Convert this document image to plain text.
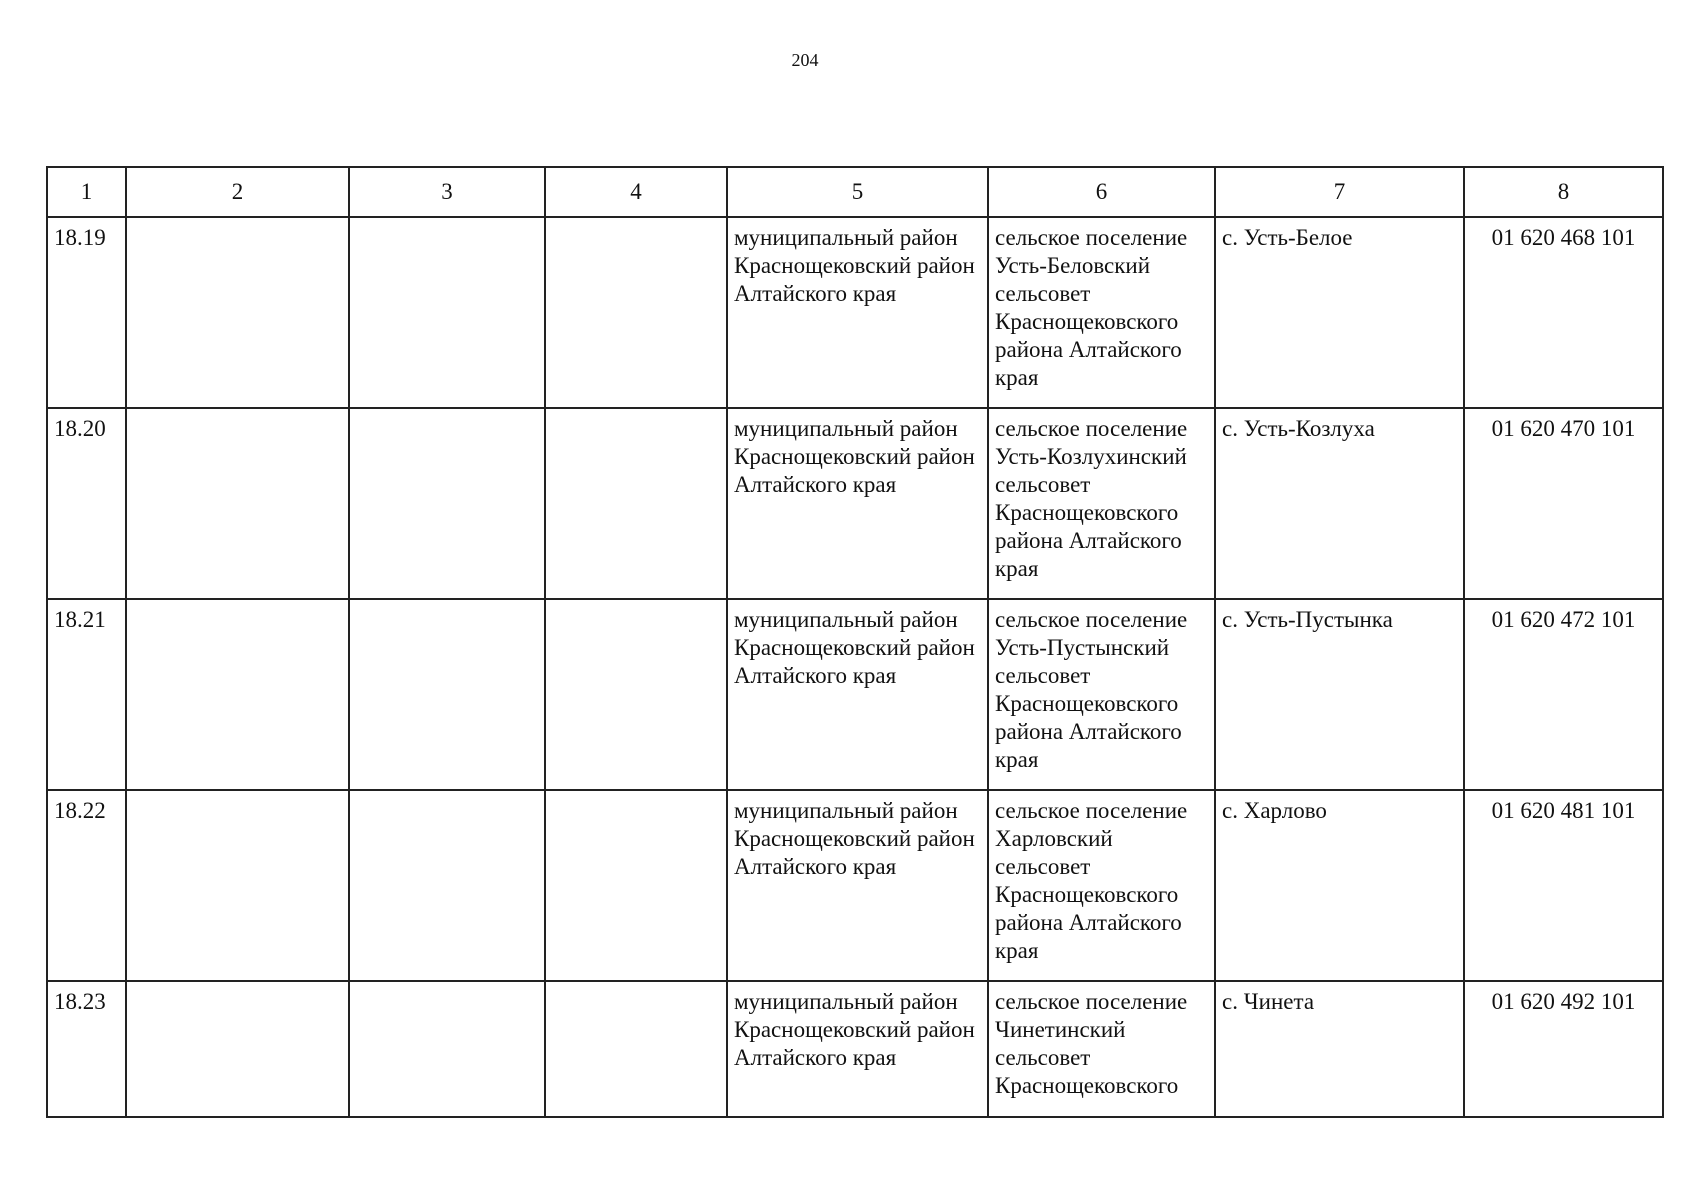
204
1	2	3	4	5	6	7	8
18.19				муниципальный район Краснощековский район Алтайского края	сельское поселение Усть-Беловский сельсовет Краснощековского района Алтайского края	с. Усть-Белое	01 620 468 101
18.20				муниципальный район Краснощековский район Алтайского края	сельское поселение Усть-Козлухинский сельсовет Краснощековского района Алтайского края	с. Усть-Козлуха	01 620 470 101
18.21				муниципальный район Краснощековский район Алтайского края	сельское поселение Усть-Пустынский сельсовет Краснощековского района Алтайского края	с. Усть-Пустынка	01 620 472 101
18.22				муниципальный район Краснощековский район Алтайского края	сельское поселение Харловский сельсовет Краснощековского района Алтайского края	с. Харлово	01 620 481 101
18.23				муниципальный район Краснощековский район Алтайского края	сельское поселение Чинетинский сельсовет Краснощековского	с. Чинета	01 620 492 101
